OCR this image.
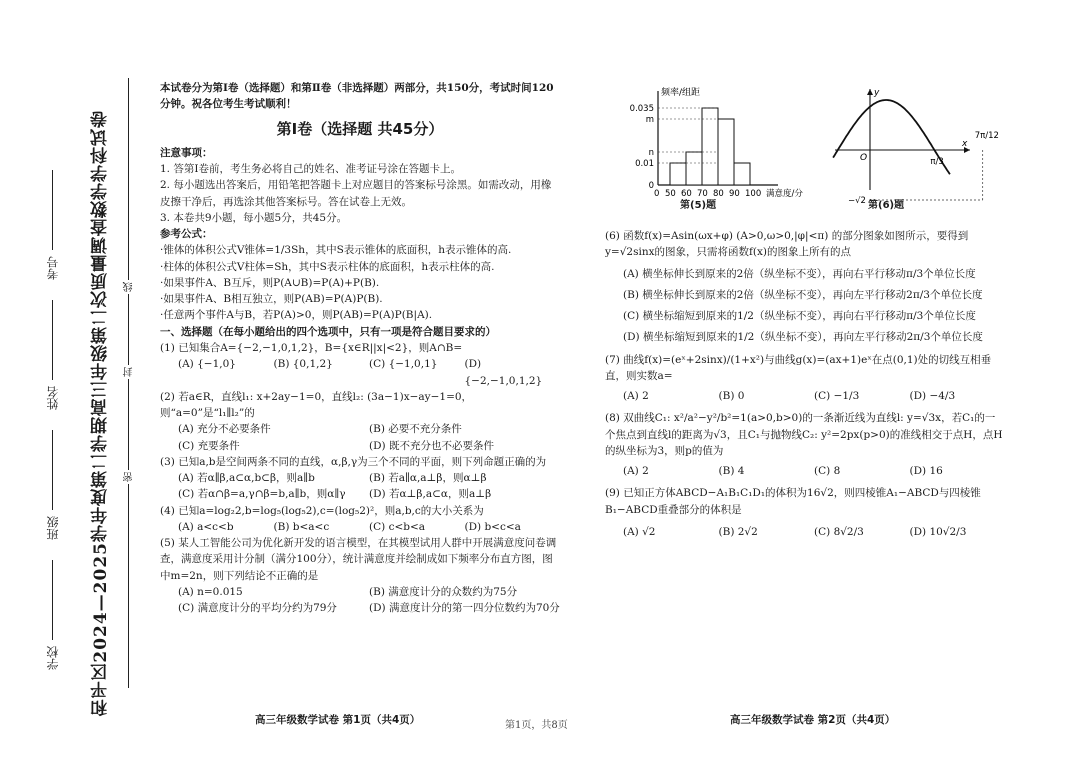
和平区2024—2025学年度第二学期高三年级第二次质量调查数学学科试卷
学校
班级
姓名
考号
密
封
线

本试卷分为第Ⅰ卷（选择题）和第Ⅱ卷（非选择题）两部分，共150分，考试时间120分钟。祝各位考生考试顺利！

第Ⅰ卷（选择题 共45分）

注意事项：

1. 答第Ⅰ卷前，考生务必将自己的姓名、准考证号涂在答题卡上。

2. 每小题选出答案后，用铅笔把答题卡上对应题目的答案标号涂黑。如需改动，用橡皮擦干净后，再选涂其他答案标号。答在试卷上无效。

3. 本卷共9小题，每小题5分，共45分。

参考公式：

·锥体的体积公式V锥体=1/3Sh，其中S表示锥体的底面积，h表示锥体的高.

·柱体的体积公式V柱体=Sh，其中S表示柱体的底面积，h表示柱体的高.

·如果事件A、B互斥，则P(A∪B)=P(A)+P(B).

·如果事件A、B相互独立，则P(AB)=P(A)P(B).

·任意两个事件A与B，若P(A)>0，则P(AB)=P(A)P(B|A).

一、选择题（在每小题给出的四个选项中，只有一项是符合题目要求的）

(1) 已知集合A={−2,−1,0,1,2}，B={x∈R||x|<2}，则A∩B=

(A) {−1,0}	(B) {0,1,2}	(C) {−1,0,1}	(D) {−2,−1,0,1,2}

(2) 若a∈R，直线l₁: x+2ay−1=0，直线l₂: (3a−1)x−ay−1=0，则“a=0”是“l₁∥l₂”的

(A) 充分不必要条件	(B) 必要不充分条件
(C) 充要条件	(D) 既不充分也不必要条件

(3) 已知a,b是空间两条不同的直线，α,β,γ为三个不同的平面，则下列命题正确的为

(A) 若α∥β,a⊂α,b⊂β，则a∥b	(B) 若a∥α,a⊥β，则α⊥β
(C) 若α∩β=a,γ∩β=b,a∥b，则α∥γ	(D) 若α⊥β,a⊂α，则a⊥β

(4) 已知a=log₂2,b=log₅(log₅2),c=(log₅2)²，则a,b,c的大小关系为

(A) a<c<b	(B) b<a<c	(C) c<b<a	(D) b<c<a

(5) 某人工智能公司为优化新开发的语言模型，在其模型试用人群中开展满意度问卷调查，满意度采用计分制（满分100分），统计满意度并绘制成如下频率分布直方图，图中m=2n，则下列结论不正确的是

(A) n=0.015	(B) 满意度计分的众数约为75分
(C) 满意度计分的平均分约为79分	(D) 满意度计分的第一四分位数约为70分
频率/组距
满意度/分
0 50 60 70 80 90 100
0.035
m
n
0.01
0
第(5)题
y
x
O	π/3
7π/12
−√2 第(6)题

(6) 函数f(x)=Asin(ωx+φ) (A>0,ω>0,|φ|<π) 的部分图象如图所示，要得到y=√2sinx的图象，只需将函数f(x)的图象上所有的点

(A) 横坐标伸长到原来的2倍（纵坐标不变），再向右平行移动π/3个单位长度

(B) 横坐标伸长到原来的2倍（纵坐标不变），再向左平行移动2π/3个单位长度

(C) 横坐标缩短到原来的1/2（纵坐标不变），再向右平行移动π/3个单位长度

(D) 横坐标缩短到原来的1/2（纵坐标不变），再向左平行移动2π/3个单位长度

(7) 曲线f(x)=(eˣ+2sinx)/(1+x²)与曲线g(x)=(ax+1)eˣ在点(0,1)处的切线互相垂直，则实数a=

(A) 2	(B) 0	(C) −1/3	(D) −4/3

(8) 双曲线C₁: x²/a²−y²/b²=1(a>0,b>0)的一条渐近线为直线l: y=√3x，若C₁的一个焦点到直线l的距离为√3，且C₁与抛物线C₂: y²=2px(p>0)的准线相交于点H，点H的纵坐标为3，则p的值为

(A) 2	(B) 4	(C) 8	(D) 16

(9) 已知正方体ABCD−A₁B₁C₁D₁的体积为16√2，则四棱锥A₁−ABCD与四棱锥B₁−ABCD重叠部分的体积是

(A) √2	(B) 2√2	(C) 8√2/3	(D) 10√2/3
高三年级数学试卷 第1页（共4页）	第1页，共8页	高三年级数学试卷 第2页（共4页）
